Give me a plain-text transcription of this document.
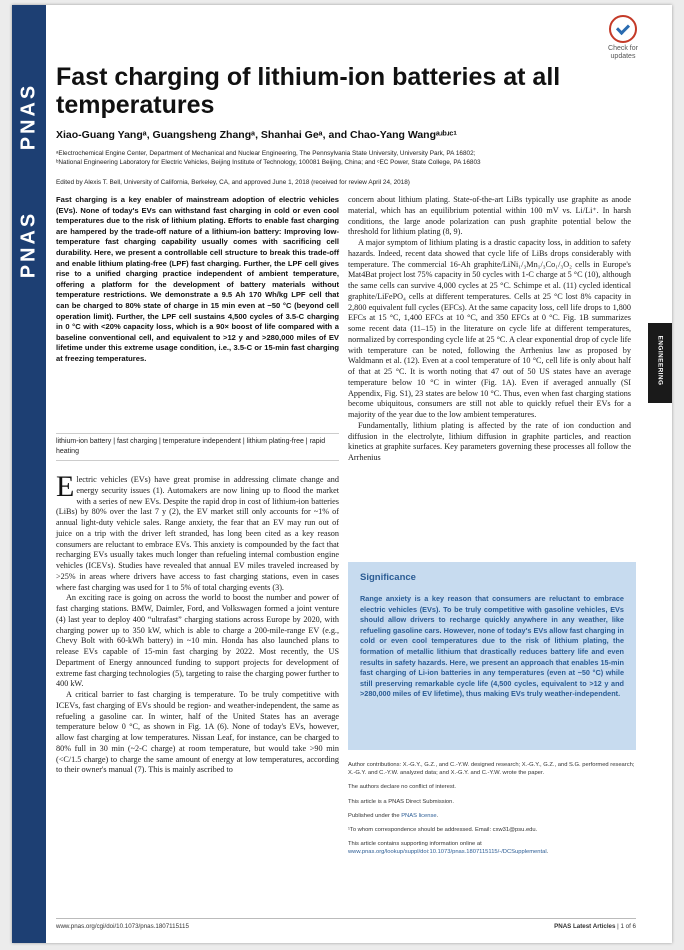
PNAS
PNAS
Check for
updates
Fast charging of lithium-ion batteries at all temperatures
Xiao-Guang Yangᵃ, Guangsheng Zhangᵃ, Shanhai Geᵃ, and Chao-Yang Wangᵃʴᵇʴᶜ¹
ᵃElectrochemical Engine Center, Department of Mechanical and Nuclear Engineering, The Pennsylvania State University, University Park, PA 16802;
ᵇNational Engineering Laboratory for Electric Vehicles, Beijing Institute of Technology, 100081 Beijing, China; and ᶜEC Power, State College, PA 16803
Edited by Alexis T. Bell, University of California, Berkeley, CA, and approved June 1, 2018 (received for review April 24, 2018)

Fast charging is a key enabler of mainstream adoption of electric vehicles (EVs). None of today's EVs can withstand fast charging in cold or even cool temperatures due to the risk of lithium plating. Efforts to enable fast charging are hampered by the trade-off nature of a lithium-ion battery: Improving low-temperature fast charging capability usually comes with sacrificing cell durability. Here, we present a controllable cell structure to break this trade-off and enable lithium plating-free (LPF) fast charging. Further, the LPF cell gives rise to a unified charging practice independent of ambient temperature, offering a platform for the development of battery materials without temperature restrictions. We demonstrate a 9.5 Ah 170 Wh/kg LPF cell that can be charged to 80% state of charge in 15 min even at −50 °C (beyond cell operation limit). Further, the LPF cell sustains 4,500 cycles of 3.5-C charging in 0 °C with <20% capacity loss, which is a 90× boost of life compared with a baseline conventional cell, and equivalent to >12 y and >280,000 miles of EV lifetime under this extreme usage condition, i.e., 3.5-C or 15-min fast charging at freezing temperatures.

lithium-ion battery | fast charging | temperature independent | lithium plating-free | rapid heating

Electric vehicles (EVs) have great promise in addressing climate change and energy security issues (1). Automakers are now lining up to flood the market with a series of new EVs. Despite the rapid drop in cost of lithium-ion batteries (LiBs) by 80% over the last 7 y (2), the EV market still only accounts for ~1% of annual light-duty vehicle sales. Range anxiety, the fear that an EV may run out of juice on a trip with the driver left stranded, has long been cited as a key reason consumers are reluctant to embrace EVs. This anxiety is compounded by the fact that recharging EVs usually takes much longer than refueling internal combustion engine vehicles (ICEVs). Studies have revealed that annual EV miles traveled increased by >25% in areas where drivers have access to fast charging stations, even in cases where fast charging was used for 1 to 5% of total charging events (3).

An exciting race is going on across the world to boost the number and power of fast charging stations. BMW, Daimler, Ford, and Volkswagen formed a joint venture (4) last year to deploy 400 “ultrafast” charging stations across Europe by 2020, with charging power up to 350 kW, which is able to charge a 200-mile-range EV (e.g., Chevy Bolt with 60-kWh battery) in ~10 min. Honda has also launched plans to release EVs capable of 15-min fast charging by 2022. Most recently, the US Department of Energy announced funding to support projects for development of extreme fast charging technologies (5), targeting to raise the charging power further to 400 kW.

A critical barrier to fast charging is temperature. To be truly competitive with ICEVs, fast charging of EVs should be region- and weather-independent, the same as refueling a gasoline car. In winter, half of the United States has an average temperature below 0 °C, as shown in Fig. 1A (6). None of today's EVs, however, allow fast charging at low temperatures. Nissan Leaf, for instance, can be charged to 80% full in 30 min (~2-C charge) at room temperature, but would take >90 min (<C/1.5 charge) to charge the same amount of energy at low temperatures, according to their owner's manual (7). This is mainly ascribed to

concern about lithium plating. State-of-the-art LiBs typically use graphite as anode material, which has an equilibrium potential within 100 mV vs. Li/Li⁺. In harsh conditions, the large anode polarization can push graphite potential below the threshold for lithium plating (8, 9).

A major symptom of lithium plating is a drastic capacity loss, in addition to safety hazards. Indeed, recent data showed that cycle life of LiBs drops considerably with temperature. The commercial 16-Ah graphite/LiNi₁/₃Mn₁/₃Co₁/₃O₂ cells in Europe's Mat4Bat project lost 75% capacity in 50 cycles with 1-C charge at 5 °C (10), although the same cells can survive 4,000 cycles at 25 °C. Schimpe et al. (11) cycled identical graphite/LiFePO₄ cells at different temperatures. Cells at 25 °C lost 8% capacity in 2,800 equivalent full cycles (EFCs). At the same capacity loss, cell life drops to 1,800 EFCs at 15 °C, 1,400 EFCs at 10 °C, and 350 EFCs at 0 °C. Fig. 1B summarizes some recent data (11–15) in the literature on cycle life at different temperatures, normalized by corresponding cycle life at 25 °C. A clear exponential drop of cycle life with temperature can be noted, following the Arrhenius law as proposed by Waldmann et al. (12). Even at a cool temperature of 10 °C, cell life is only about half of that at 25 °C. It is worth noting that 47 out of 50 US states have an average temperature below 10 °C in winter (Fig. 1A). Even if averaged annually (SI Appendix, Fig. S1), 23 states are below 10 °C. Thus, even when fast charging stations become ubiquitous, consumers are still not able to quickly refuel their EVs for a majority of the year due to the low ambient temperatures.

Fundamentally, lithium plating is affected by the rate of ion conduction and diffusion in the electrolyte, lithium diffusion in graphite particles, and reaction kinetics at graphite surfaces. Key parameters governing these processes all follow the Arrhenius

ENGINEERING
Significance

Range anxiety is a key reason that consumers are reluctant to embrace electric vehicles (EVs). To be truly competitive with gasoline vehicles, EVs should allow drivers to recharge quickly anywhere in any weather, like refueling gasoline cars. However, none of today's EVs allow fast charging in cold or even cool temperatures due to the risk of lithium plating, the formation of metallic lithium that drastically reduces battery life and even results in safety hazards. Here, we present an approach that enables 15-min fast charging of Li-ion batteries in any temperatures (even at −50 °C) while still preserving remarkable cycle life (4,500 cycles, equivalent to >12 y and >280,000 miles of EV lifetime), thus making EVs truly weather-independent.

Author contributions: X.-G.Y., G.Z., and C.-Y.W. designed research; X.-G.Y., G.Z., and S.G. performed research; X.-G.Y. and C.-Y.W. analyzed data; and X.-G.Y. and C.-Y.W. wrote the paper.

The authors declare no conflict of interest.

This article is a PNAS Direct Submission.

Published under the PNAS license.

¹To whom correspondence should be addressed. Email: cxw31@psu.edu.

This article contains supporting information online at www.pnas.org/lookup/suppl/doi:10.1073/pnas.1807115115/-/DCSupplemental.

www.pnas.org/cgi/doi/10.1073/pnas.1807115115	PNAS Latest Articles | 1 of 6
